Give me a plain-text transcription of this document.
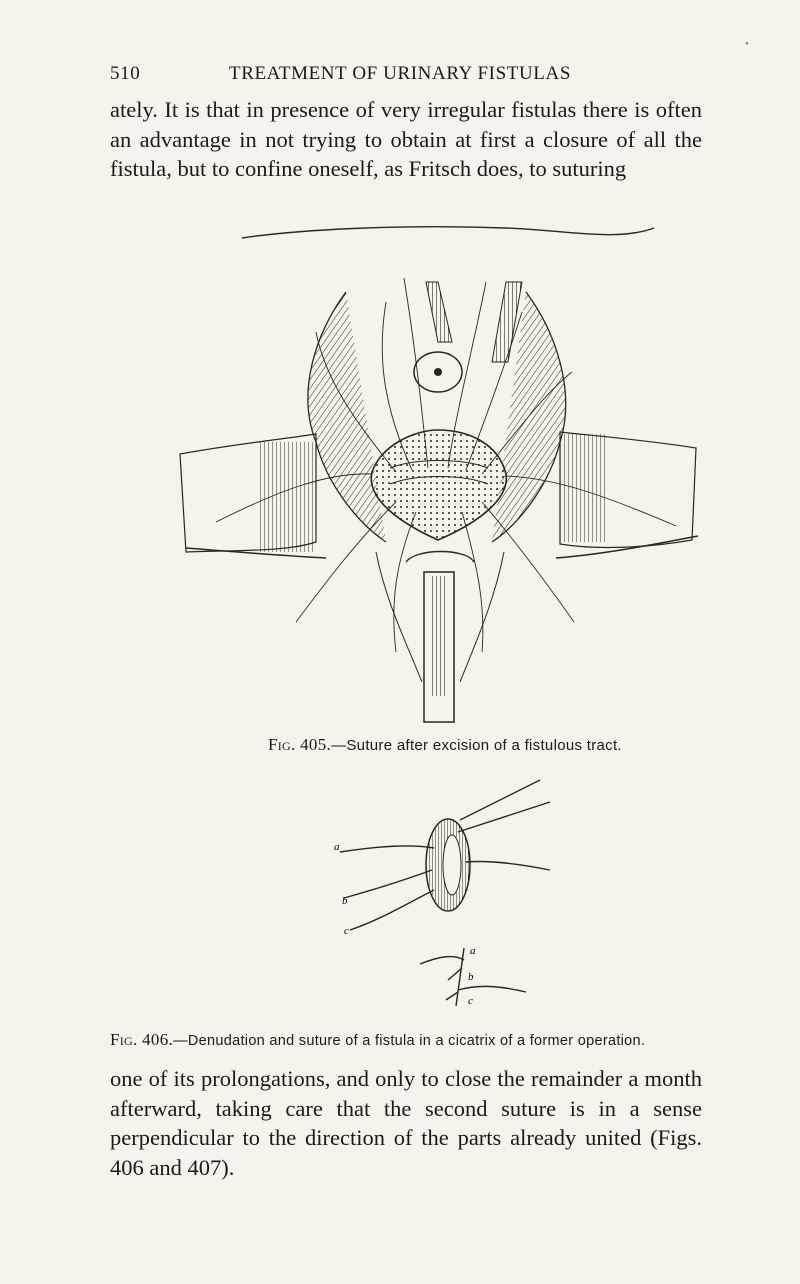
•
510	TREATMENT OF URINARY FISTULAS

ately. It is that in presence of very irregular fistulas there is often an advantage in not trying to obtain at first a closure of all the fistula, but to confine oneself, as Fritsch does, to suturing

Fig. 405.—Suture after excision of a fistulous tract.
a
b
c
a
b
c
Fig. 406.—Denudation and suture of a fistula in a cicatrix of a former operation.

one of its prolongations, and only to close the remainder a month afterward, taking care that the second suture is in a sense perpendicular to the direction of the parts already united (Figs. 406 and 407).
